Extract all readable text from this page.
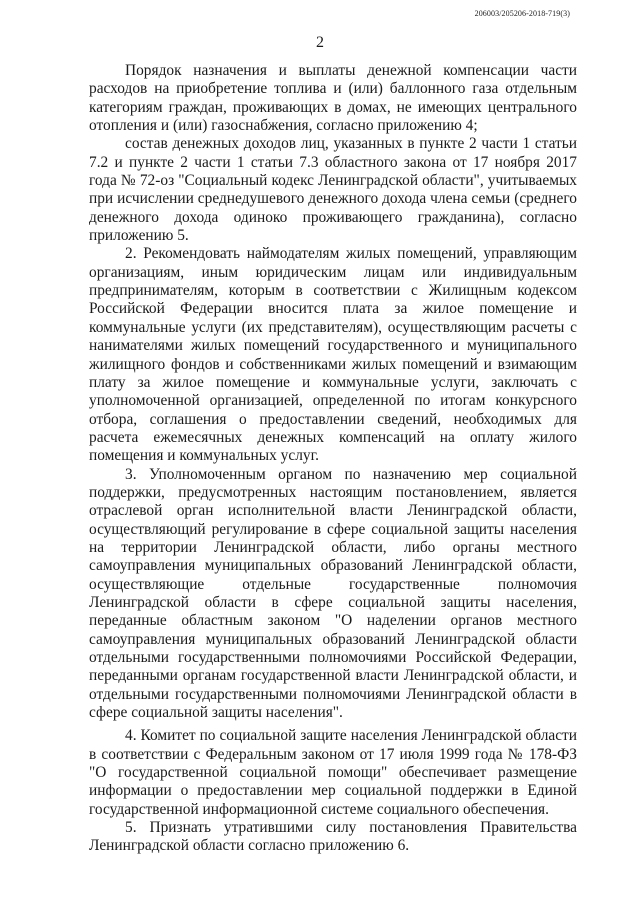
206003/205206-2018-719(3)
2

Порядок назначения и выплаты денежной компенсации части расходов на приобретение топлива и (или) баллонного газа отдельным категориям граждан, проживающих в домах, не имеющих центрального отопления и (или) газоснабжения, согласно приложению 4;

состав денежных доходов лиц, указанных в пункте 2 части 1 статьи 7.2 и пункте 2 части 1 статьи 7.3 областного закона от 17 ноября 2017 года № 72-оз "Социальный кодекс Ленинградской области", учитываемых при исчислении среднедушевого денежного дохода члена семьи (среднего денежного дохода одиноко проживающего гражданина), согласно приложению 5.

2. Рекомендовать наймодателям жилых помещений, управляющим организациям, иным юридическим лицам или индивидуальным предпринимателям, которым в соответствии с Жилищным кодексом Российской Федерации вносится плата за жилое помещение и коммунальные услуги (их представителям), осуществляющим расчеты с нанимателями жилых помещений государственного и муниципального жилищного фондов и собственниками жилых помещений и взимающим плату за жилое помещение и коммунальные услуги, заключать с уполномоченной организацией, определенной по итогам конкурсного отбора, соглашения о предоставлении сведений, необходимых для расчета ежемесячных денежных компенсаций на оплату жилого помещения и коммунальных услуг.

3. Уполномоченным органом по назначению мер социальной поддержки, предусмотренных настоящим постановлением, является отраслевой орган исполнительной власти Ленинградской области, осуществляющий регулирование в сфере социальной защиты населения на территории Ленинградской области, либо органы местного самоуправления муниципальных образований Ленинградской области, осуществляющие отдельные государственные полномочия Ленинградской области в сфере социальной защиты населения, переданные областным законом "О наделении органов местного самоуправления муниципальных образований Ленинградской области отдельными государственными полномочиями Российской Федерации, переданными органам государственной власти Ленинградской области, и отдельными государственными полномочиями Ленинградской области в сфере социальной защиты населения".

4. Комитет по социальной защите населения Ленинградской области в соответствии с Федеральным законом от 17 июля 1999 года № 178-ФЗ "О государственной социальной помощи" обеспечивает размещение информации о предоставлении мер социальной поддержки в Единой государственной информационной системе социального обеспечения.

5. Признать утратившими силу постановления Правительства Ленинградской области согласно приложению 6.
